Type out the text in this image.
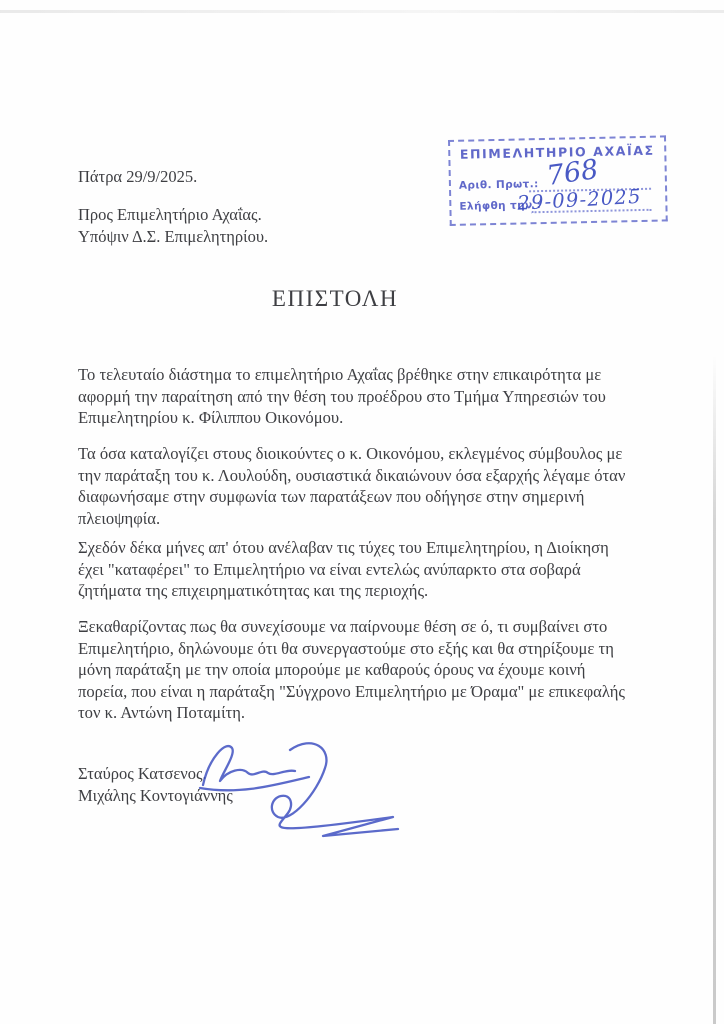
Πάτρα 29/9/2025.
Προς Επιμελητήριο Αχαΐας.
Υπόψιν Δ.Σ. Επιμελητηρίου.
ΕΠΙΜΕΛΗΤΗΡΙΟ ΑΧΑΪΑΣ
Αριθ. Πρωτ.:
Ελήφθη την :
768
29-09-2025
ΕΠΙΣΤΟΛΗ
Το τελευταίο διάστημα το επιμελητήριο Αχαΐας βρέθηκε στην επικαιρότητα με
αφορμή την παραίτηση από την θέση του προέδρου στο Τμήμα Υπηρεσιών του
Επιμελητηρίου κ. Φίλιππου Οικονόμου.
Τα όσα καταλογίζει στους διοικούντες ο κ. Οικονόμου, εκλεγμένος σύμβουλος με
την παράταξη του κ. Λουλούδη, ουσιαστικά δικαιώνουν όσα εξαρχής λέγαμε όταν
διαφωνήσαμε στην συμφωνία των παρατάξεων που οδήγησε στην σημερινή
πλειοψηφία.
Σχεδόν δέκα μήνες απ' ότου ανέλαβαν τις τύχες του Επιμελητηρίου, η Διοίκηση
έχει "καταφέρει" το Επιμελητήριο να είναι εντελώς ανύπαρκτο στα σοβαρά
ζητήματα της επιχειρηματικότητας και της περιοχής.
Ξεκαθαρίζοντας πως θα συνεχίσουμε να παίρνουμε θέση σε ό, τι συμβαίνει στο
Επιμελητήριο, δηλώνουμε ότι θα συνεργαστούμε στο εξής και θα στηρίξουμε τη
μόνη παράταξη με την οποία μπορούμε με καθαρούς όρους να έχουμε κοινή
πορεία, που είναι η παράταξη "Σύγχρονο Επιμελητήριο με Όραμα" με επικεφαλής
τον κ. Αντώνη Ποταμίτη.
Σταύρος Κατσενος.
Μιχάλης Κοντογιάννης
